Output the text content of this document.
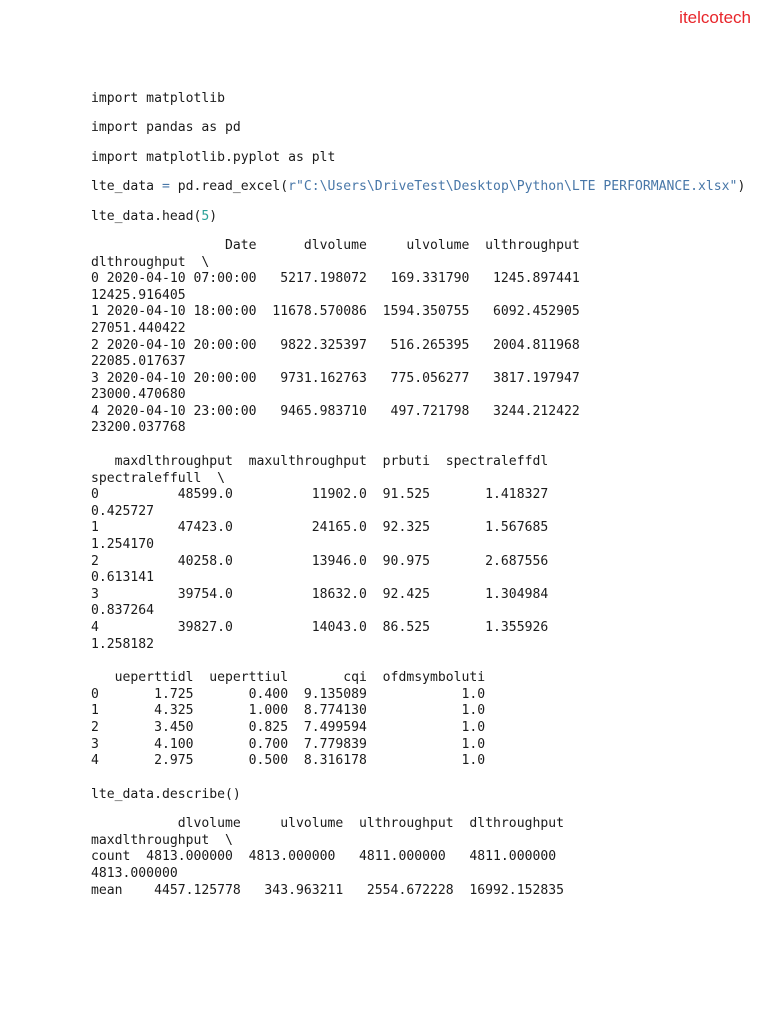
itelcotech
import matplotlib
import pandas as pd
import matplotlib.pyplot as plt
lte_data = pd.read_excel(r"C:\Users\DriveTest\Desktop\Python\LTE PERFORMANCE.xlsx")
lte_data.head(5)
Date      dlvolume     ulvolume  ulthroughput
dlthroughput  \
0 2020-04-10 07:00:00   5217.198072   169.331790   1245.897441
12425.916405
1 2020-04-10 18:00:00  11678.570086  1594.350755   6092.452905
27051.440422
2 2020-04-10 20:00:00   9822.325397   516.265395   2004.811968
22085.017637
3 2020-04-10 20:00:00   9731.162763   775.056277   3817.197947
23000.470680
4 2020-04-10 23:00:00   9465.983710   497.721798   3244.212422
23200.037768
maxdlthroughput  maxulthroughput  prbuti  spectraleffdl
spectraleffull  \
0          48599.0          11902.0  91.525       1.418327
0.425727
1          47423.0          24165.0  92.325       1.567685
1.254170
2          40258.0          13946.0  90.975       2.687556
0.613141
3          39754.0          18632.0  92.425       1.304984
0.837264
4          39827.0          14043.0  86.525       1.355926
1.258182
ueperttidl  ueperttiul       cqi  ofdmsymboluti
0       1.725       0.400  9.135089            1.0
1       4.325       1.000  8.774130            1.0
2       3.450       0.825  7.499594            1.0
3       4.100       0.700  7.779839            1.0
4       2.975       0.500  8.316178            1.0
lte_data.describe()
dlvolume     ulvolume  ulthroughput  dlthroughput
maxdlthroughput  \
count  4813.000000  4813.000000   4811.000000   4811.000000
4813.000000
mean    4457.125778   343.963211   2554.672228  16992.152835
